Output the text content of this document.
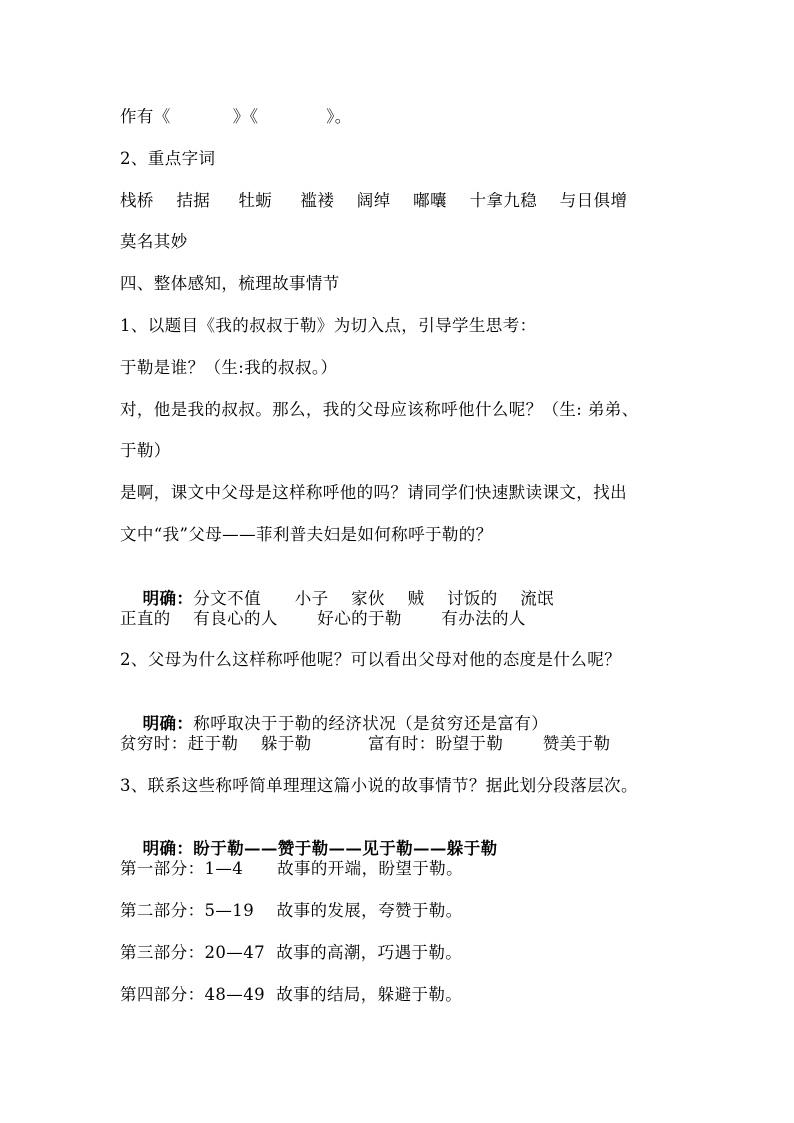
作有《           》《            》。
2、重点字词
栈桥    拮据     牡蛎     褴褛    阔绰    嘟囔    十拿九稳    与日俱增
莫名其妙
四、整体感知，梳理故事情节
1、以题目《我的叔叔于勒》为切入点，引导学生思考：
于勒是谁？（生:我的叔叔。）
对，他是我的叔叔。那么，我的父母应该称呼他什么呢？（生: 弟弟、
于勒）
是啊，课文中父母是这样称呼他的吗？请同学们快速默读课文，找出
文中“我”父母——菲利普夫妇是如何称呼于勒的？

明确：分文不值      小子    家伙    贼    讨饭的    流氓

正直的    有良心的人       好心的于勒       有办法的人
2、父母为什么这样称呼他呢？可以看出父母对他的态度是什么呢？

明确：称呼取决于于勒的经济状况（是贫穷还是富有）

贫穷时：赶于勒    躲于勒          富有时：盼望于勒       赞美于勒
3、联系这些称呼简单理理这篇小说的故事情节？据此划分段落层次。

明确：盼于勒——赞于勒——见于勒——躲于勒

第一部分：1—4      故事的开端，盼望于勒。
第二部分：5—19    故事的发展，夸赞于勒。
第三部分：20—47  故事的高潮，巧遇于勒。
第四部分：48—49  故事的结局，躲避于勒。
